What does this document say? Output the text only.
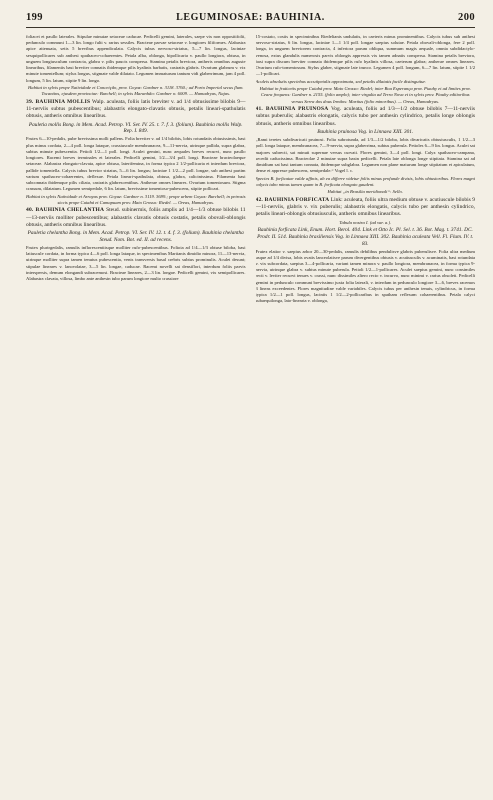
199	LEGUMINOSAE: BAUHINIA.	200

foliacei et paullo laterales. Stipulae minutae setaceae caducae. Pedicelli gemini, laterales, saepe vix non oppositifolii, pedunculo communi 1—3 lin. longo fulti v. rarius sessiles. Bracteae parvae setaceae v. longiores filiformes. Alabastra apice attenuata, setis 5 brevibus appendiculata. Calycis tubus nervoso-striatus, 5—7 lin. longus, laciniae sesquipollicares sub anthesi spathaceo-cohaerentes. Petala alba, oblonga, bipollicaria v. paullo longiora, obtusa, in unguem longiusculum contracta, glabra v. pilis paucis conspersa. Stamina petalis breviora, antheris omnibus auguste linearibus, filamentis basi breviter connatis ibidemque pilis hyalinis barbatis, castratis glabris. Ovarium glabrum v. vix minute tomentellum; stylus longus, stigmate valde dilatato. Legumen immaturum tantum vidi glaberrimum, jam 4 poll. longum, 5 lin. latum, stipite 9 lin. longo.

Habitat in sylvis prope Natividade et Conceição, prov. Goyaz: Gardner n. 3118. 3760.; ad Porto Imperial secus flum. Tocantins, ejusdem provinciae: Burchell; in sylvis Maranhão: Gardner n. 6009. — Hamadryas, Najas.

39. BAUHINIA MOLLIS Walp. aculeata, foliis latis breviter v. ad 1/4 obtusissime bilobis 9—11-nerviis subtus pubescentibus; alabastris elongato-clavatis obtusis, petalis lineari-spathulatis obtusis, antheris omnibus linearibus.

Pauletia mollis Bong. in Mem. Acad. Petrop. VI. Ser. IV. 25. t. 7. f. 3. (folium). Bauhinia mollis Walp. Rep. I. 849.

Frutex 6—10-pedalis, pube brevissima molli pallens. Folia breviter v. ad 1/4 bilobis, lobis rotundatis obtusissimis, basi plus minus cordata, 2—4 poll. longa lataque, crassiuscule membranacea, 9—11-nervia, utrinque pallida, supra glabra, subtus minute pubescentia. Petioli 1/2—1 poll. longi. Aculei gemini, nunc aequales breves recurvi, nunc paullo longiores. Racemi breves terminales et laterales. Pedicelli gemini, 1/2—3/4 poll. longi. Bracteae bracteolaeque setaceae. Alabastra elongato-clavata, apice obtusa, laterifemina, in forma typica 2 1/2-pollicaria et interdum breviora, pallide tomentella. Calycis tubus brevior striatus, 5—6 lin. longus; laciniae 1 1/2—2 poll. longae, sub anthesi partim varium spathaceo-cohaerentes, deflexae. Petala lineari-spathulata, obtusa, glabra, calicinissima. Filamenta basi subconnata ibidemque pilis ciliata, castratis glabrescentibus. Antherae omnes lineares. Ovarium tomentosum. Stigma crassum, dilatatum. Legumen semipedale, 6 lin. latum, brevissime tomentoso-pubescens, stipite pollicari.

Habitat in sylvis Natividade et Arrayas prov. Goyaz: Gardner n. 3119. 3699.; prope urbem Goyaz: Burchell; in petrosis siccis prope Cuiabá et Camapuam prov. Mato Grosso: Riedel. — Oreas, Hamadryas.

40. BAUHINIA CHELANTHA Steud. subinermis, foliis amplis ad 1/4—1/3 obtuse bilobis 11—13-nerviis molliter pubescentibus; alabastris clavatis obtusis costatis, petalis obovali-oblongis obtusis, antheris omnibus linearibus.

Pauletia chelantha Bong. in Mem. Acad. Petrop. VI. Ser. IV. 12. t. 4. f. 3. (folium). Bauhinia chelantha Steud. Nom. Bot. ed. II. ad recens.

Frutex plurirgedalis, ramulis inflorescentiisque molliter rufo-pubescentibus. Folioia ad 1/4—1/3 obtuse biloba, basi latiuscule cordata, in forma typica 4—6 poll. longa lataque, in specimenibus Martianis dimidio minora, 11—13-nervia, utrinque molliter supra tamen tenuius pubescentia, venis transversis basal crebris subtus prominulis. Aculei desunt; stipulae lineares v. lanceolatae, 3—5 lin. longae, caducae. Racemi novelli sat densiflori, interdum foliis parvis interspersis, demum elongandi subracemosi. Bracteae lineares, 2—3 lin. longae. Pedicelli gemini, vix semipollicares. Alabastra clavata, villosa, limbo ante anthesin tubo parum longiore multo crassiore

15-costato, costis in speciminibus Riedelianis undulatis, in caeteris minus prominentibus. Calycis tubus sub anthesi nervoso-striatus, 6 lin. longus, laciniae 1—1 1/4 poll. longae saepius solutae. Petala obovali-oblonga, fere 2 poll. longa, in unguem breviorem contracta, 4 inferiora parum obliqua, summum magis aequale, omnia subdidactylo-venosa, extus glandulis numerosis parvis oblongis appressis vix tamen adnatis conspersa. Stamina petalis breviora, basi supra discum breviter connata ibidemque pilis rufo hyalinis villosa, caeterum glabra; antherae omnes lineares. Ovarium rufo-tomentosum. Stylus glaber, stigmate late trunco. Legumen 4 poll. longum, 6—7 lin. latum, stipite 1 1/2—1-pollicari.

Aculeis absolutis speciebus accutipetalis appoximata, sed petalis dilatatis facile distinguitur.

Habitat in fruticetis prope Cuiabá prov. Mato Grosso: Riedel; inter Boa Esperança prov. Piauhy et ad limites prov. Ceara frequens: Gardner n. 2155. (folio amplo); inter virgulta ad Terra Nova et in sylvis prov. Piauhy editioribus versus Serra dos dous Irmãos: Martius (folio minoribus). — Oreas, Hamadryas.

41. BAUHINIA PRUINOSA Vog. aculeata, foliis ad 1/3—1/2 obtuse bilobis 7—11-nerviis subtus puberulis; alabastris elongatis, calycis tubo per anthesin cylindrico, petalis longe oblongis obtusis, antheris omnibus linearibus.

Bauhinia pruinosa Vog. in Linnaea XIII. 301.

„Rami teretes subdivaricati pruinosi. Folia subrotunda, ad 1/3—1/2 biloba, lobis divaricatis obtusiusculis, 1 1/2—3 poll. longa lataque, membranacea, 7—9-nervia, supra glaberrima, subtus puberula. Petioles 6—9 lin. longus. Aculei sat majores subrecti, sat minuti supernae versus curvati. Flores gemini, 3—4 poll. longi. Calyx spathaceo-campana, secedit caducissima. Bracteolae 2 minutae supra basin pedicelli. Petala late oblonga longe stipitata. Stamina sat ad dimidium sat basi tantum connata, ibidemque subglabra. Legumen non plane maturum longe stipitatum et apiculatum, dense et appresse pubescens, semipedale.“ Vogel l. c.

Species B. forficatae valde affinis, ab ea differre videtur foliis minus profunde divisis, lobis obtusioribus. Flores magni calycis tubo minus tamen quam in B. forficata elongato gaudent.

Habitat „in Brasilia meridionali“: Sello.

42. BAUHINIA FORFICATA Link: aculeata, foliis ultra medium obtuse v. acutiuscule bilobis 9—11-nerviis, glabris v. vix puberulis; alabastris elongatis, calycis tubo per anthesin cylindrico, petalis lineari-oblongis obtusiusculis, antheris omnibus linearibus.

Tabula nostra I. (ad var. a.).

Bauhinia forficata Link, Enum. Hort. Berol. 404. Link et Otto Ic. Pl. Sel. t. 36. Bot. Mag. t. 3741. DC. Prodr. II. 514. Bauhinia brasiliensis Vog. in Linnaea XIII. 302. Bauhinia aculeata Vell. Fl. Flum. IV. t. 83.

Frutex elatior v. saepius arbor 20—30-pedalis, ramulis debilibus pendulisve glabris puberulisve. Folia ultra medium usque ad 1/4 divisa, lobis ovatis lanceolatisve parum divergentibus obtusis v. acutiusculis v. acuminatis, basi rotundata v. vix subcordata, saepius 3—4-pollicaria, variant tamen minora v. paullo longiora, membranacea, in forma typica 9-nervia, utrinque glabra v. subtus minute puberula. Petioli 1/2—1-pollicares. Aculei saepius gemini, nunc consimiles recti v. leviter recurvi tenues v. crassi, nunc dissimiles altero recto v. incurvo, nunc minimi v. rarius obsoleti. Pedicelli gemini in pedunculo communi brevissimo juxta folia laterali, v. interdum in pedunculo longiore 3—6, breves racemos 3 lineas exceedentes. Flores magnitudine valde variabiles. Calycis tubus per anthesin tenuis, cylindricus, in forma typica 1/2—1 poll. longus, laciniis 1 1/2—2-pollicaribus in spatham reflexam cohaerentibus. Petala calyci subaequilonga, lato-linearia v. oblonga,
